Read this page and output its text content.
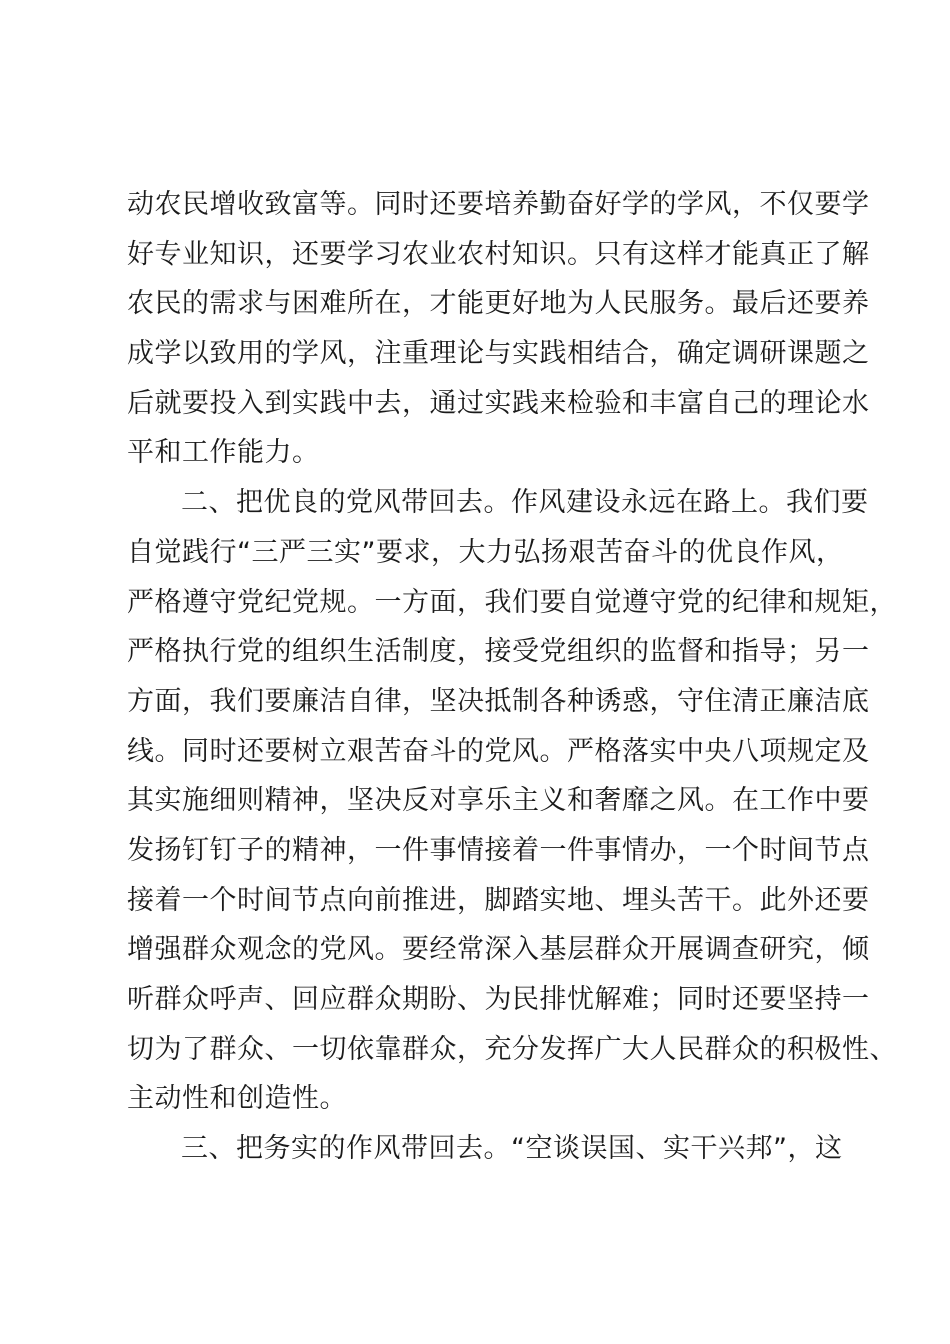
动农民增收致富等。同时还要培养勤奋好学的学风，不仅要学
好专业知识，还要学习农业农村知识。只有这样才能真正了解
农民的需求与困难所在，才能更好地为人民服务。最后还要养
成学以致用的学风，注重理论与实践相结合，确定调研课题之
后就要投入到实践中去，通过实践来检验和丰富自己的理论水
平和工作能力。
二、把优良的党风带回去。作风建设永远在路上。我们要
自觉践行“三严三实”要求，大力弘扬艰苦奋斗的优良作风，
严格遵守党纪党规。一方面，我们要自觉遵守党的纪律和规矩，
严格执行党的组织生活制度，接受党组织的监督和指导；另一
方面，我们要廉洁自律，坚决抵制各种诱惑，守住清正廉洁底
线。同时还要树立艰苦奋斗的党风。严格落实中央八项规定及
其实施细则精神，坚决反对享乐主义和奢靡之风。在工作中要
发扬钉钉子的精神，一件事情接着一件事情办，一个时间节点
接着一个时间节点向前推进，脚踏实地、埋头苦干。此外还要
增强群众观念的党风。要经常深入基层群众开展调查研究，倾
听群众呼声、回应群众期盼、为民排忧解难；同时还要坚持一
切为了群众、一切依靠群众，充分发挥广大人民群众的积极性、
主动性和创造性。
三、把务实的作风带回去。“空谈误国、实干兴邦”，这
